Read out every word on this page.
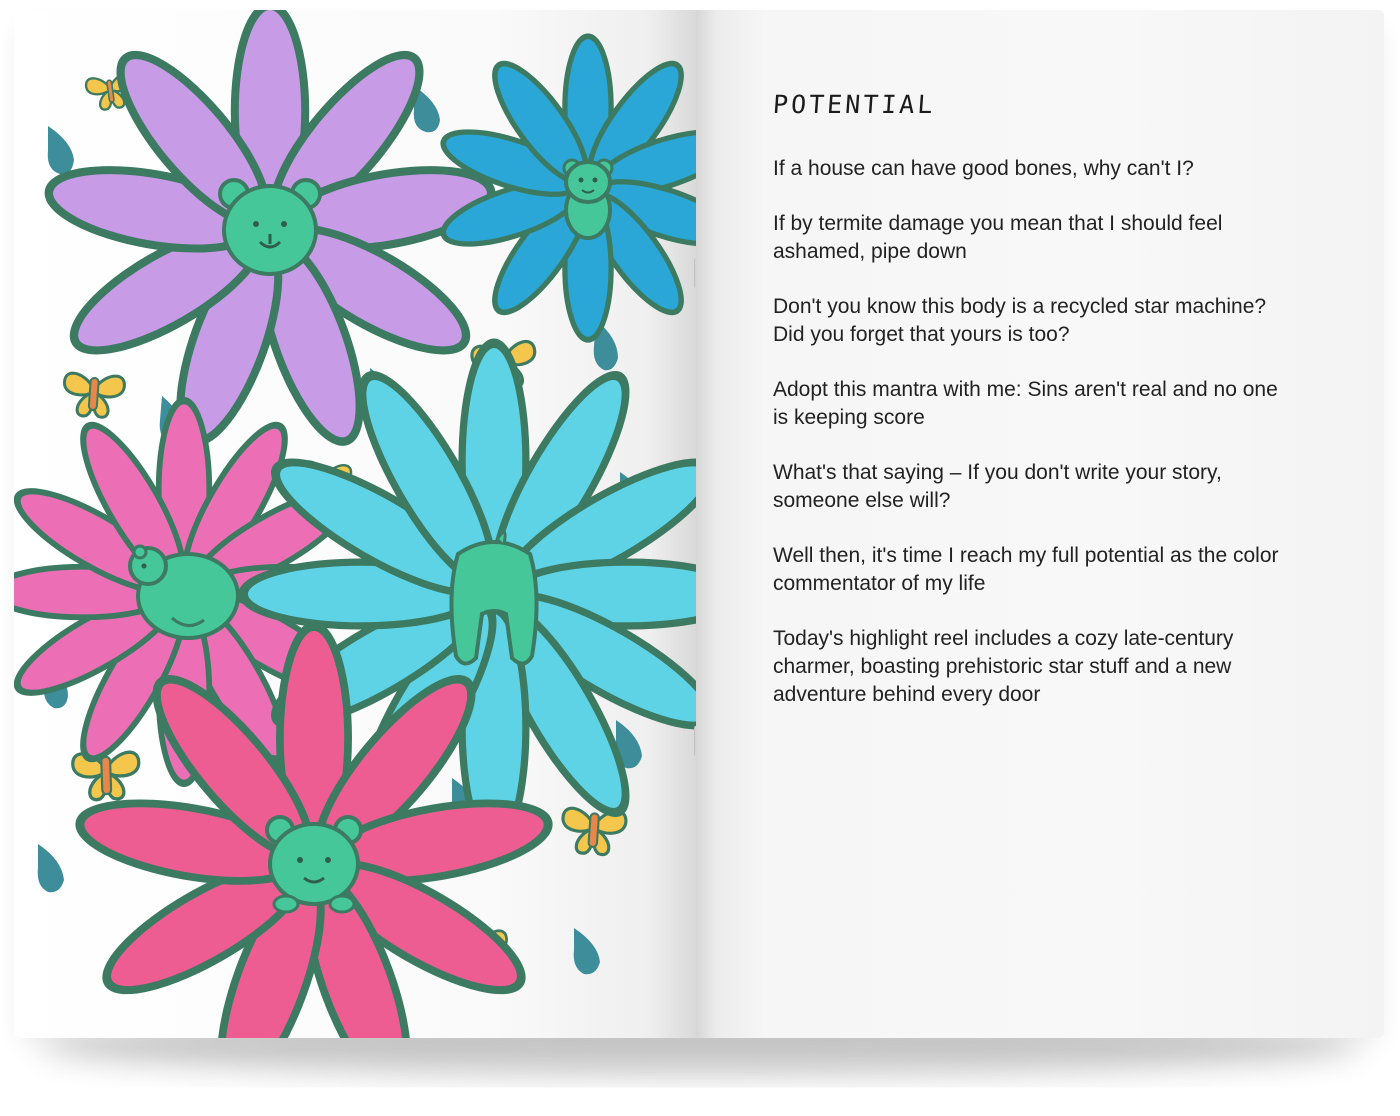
POTENTIAL

If a house can have good bones, why can't I?

If by termite damage you mean that I should feel ashamed, pipe down

Don't you know this body is a recycled star machine? Did you forget that yours is too?

Adopt this mantra with me: Sins aren't real and no one is keeping score

What's that saying – If you don't write your story, someone else will?

Well then, it's time I reach my full potential as the color commentator of my life

Today's highlight reel includes a cozy late-century charmer, boasting prehistoric star stuff and a new adventure behind every door
